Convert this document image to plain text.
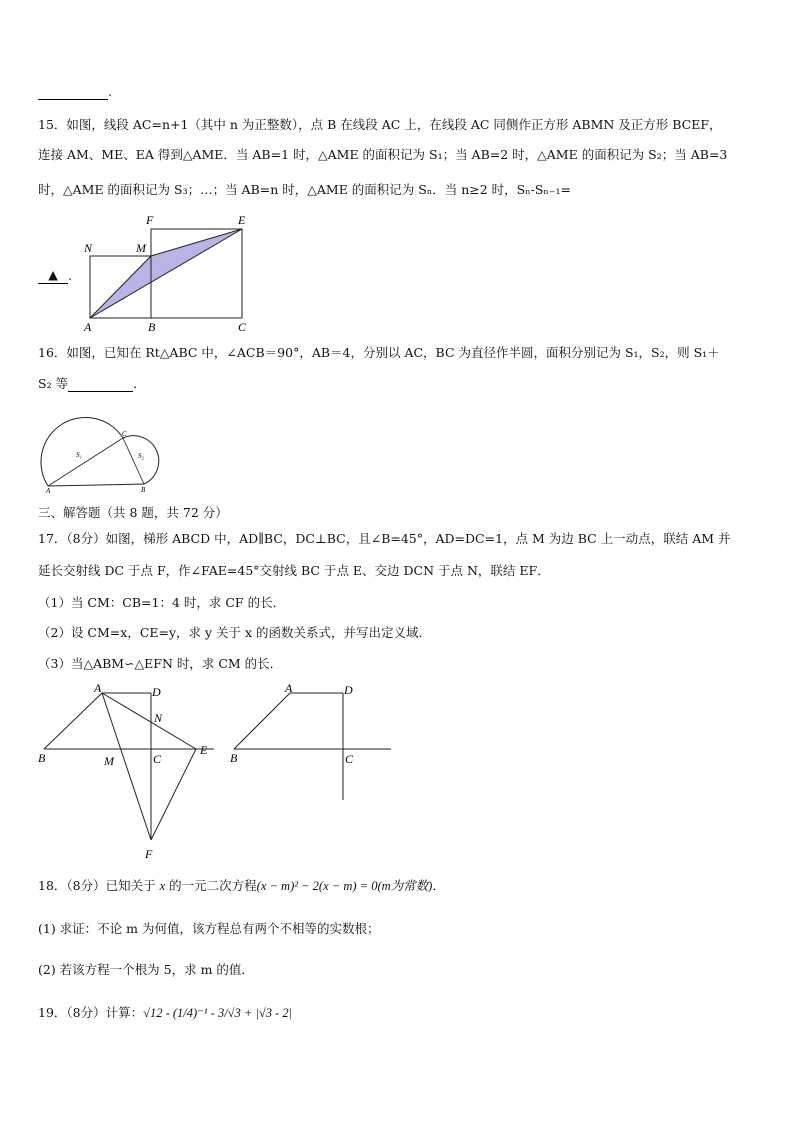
.
15．如图，线段 AC=n+1（其中 n 为正整数），点 B 在线段 AC 上，在线段 AC 同侧作正方形 ABMN 及正方形 BCEF，
连接 AM、ME、EA 得到△AME．当 AB=1 时，△AME 的面积记为 S₁；当 AB=2 时，△AME 的面积记为 S₂；当 AB=3
时，△AME 的面积记为 S₃；…；当 AB=n 时，△AME 的面积记为 Sₙ．当 n≥2 时，Sₙ-Sₙ₋₁=
▲ .
N	M
F	E
A	B	C
16．如图，已知在 Rt△ABC 中，∠ACB＝90°，AB＝4，分别以 AC，BC 为直径作半圆，面积分别记为 S₁，S₂，则 S₁＋
S₂ 等	．
S₁	S₂
C
A	B
三、解答题（共 8 题，共 72 分）
17．（8分）如图，梯形 ABCD 中，AD∥BC，DC⊥BC，且∠B=45°，AD=DC=1，点 M 为边 BC 上一动点，联结 AM 并
延长交射线 DC 于点 F，作∠FAE=45°交射线 BC 于点 E、交边 DCN 于点 N，联结 EF．
（1）当 CM：CB=1：4 时，求 CF 的长．
（2）设 CM=x，CE=y，求 y 关于 x 的函数关系式，并写出定义域．
（3）当△ABM∽△EFN 时，求 CM 的长．
A	D
N
B	M	C
E
F
A	D
B	C
18．（8分）已知关于 x 的一元二次方程(x − m)² − 2(x − m) = 0(m为常数)．
(1) 求证：不论 m 为何值，该方程总有两个不相等的实数根；
(2) 若该方程一个根为 5，求 m 的值．
19．（8分）计算：√12 - (1/4)⁻¹ - 3/√3 + |√3 - 2|
